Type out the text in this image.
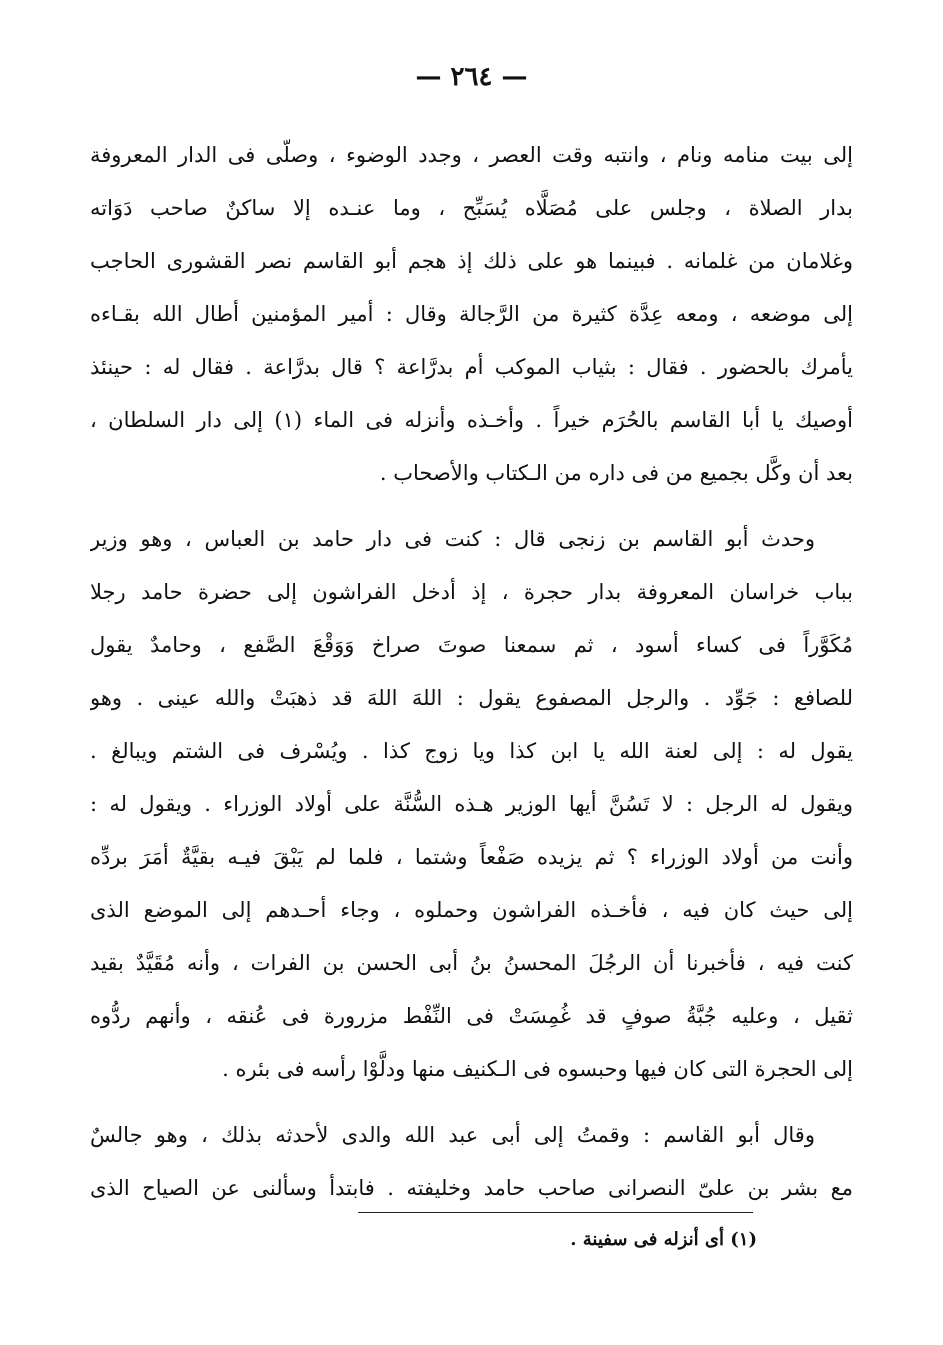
— ٢٦٤ —
إلى بيت منامه ونام ، وانتبه وقت العصر ، وجدد الوضوء ، وصلّى فى الدار المعروفة
بدار الصلاة ، وجلس على مُصَلَّاه يُسَبِّح ، وما عنـده إلا ساكنٌ صاحب دَوَاته
وغلامان من غلمانه . فبينما هو على ذلك إذ هجم أبو القاسم نصر القشورى الحاجب
إلى موضعه ، ومعه عِدَّة كثيرة من الرَّجالة وقال : أمير المؤمنين أطال الله بقـاءه
يأمرك بالحضور . فقال : بثياب الموكب أم بدرَّاعة ؟ قال بدرَّاعة . فقال له : حينئذ
أوصيك يا أبا القاسم بالحُرَم خيراً . وأخـذه وأنزله فى الماء (١) إلى دار السلطان ،
بعد أن وكَّل بجميع من فى داره من الـكتاب والأصحاب .
وحدث أبو القاسم بن زنجى قال : كنت فى دار حامد بن العباس ، وهو وزير
بباب خراسان المعروفة بدار حجرة ، إذ أدخل الفراشون إلى حضرة حامد رجلا
مُكَوَّراً فى كساء أسود ، ثم سمعنا صوتَ صراخ وَوَقْعَ الصَّفع ، وحامدٌ يقول
للصافع : جَوِّد . والرجل المصفوع يقول : اللهَ اللهَ قد ذهبَتْ والله عينى . وهو
يقول له : إلى لعنة الله يا ابن كذا ويا زوج كذا . ويُسْرف فى الشتم ويبالغ .
ويقول له الرجل : لا تَسُنَّ أيها الوزير هـذه السُّنَّة على أولاد الوزراء . ويقول له :
وأنت من أولاد الوزراء ؟ ثم يزيده صَفْعاً وشتما ، فلما لم يَبْقَ فيـه بقيَّةٌ أمَرَ بردِّه
إلى حيث كان فيه ، فأخـذه الفراشون وحملوه ، وجاء أحـدهم إلى الموضع الذى
كنت فيه ، فأخبرنا أن الرجُلَ المحسنُ بنُ أبى الحسن بن الفرات ، وأنه مُقَيَّدٌ بقيد
ثقيل ، وعليه جُبَّةُ صوفٍ قد غُمِسَتْ فى النِّفْط مزرورة فى عُنقه ، وأنهم ردُّوه
إلى الحجرة التى كان فيها وحبسوه فى الـكنيف منها ودلَّوْا رأسه فى بئره .
وقال أبو القاسم : وقمتُ إلى أبى عبد الله والدى لأحدثه بذلك ، وهو جالسٌ
مع بشر بن علىّ النصرانى صاحب حامد وخليفته . فابتدأ وسألنى عن الصياح الذى
(١) أى أنزله فى سفينة .
